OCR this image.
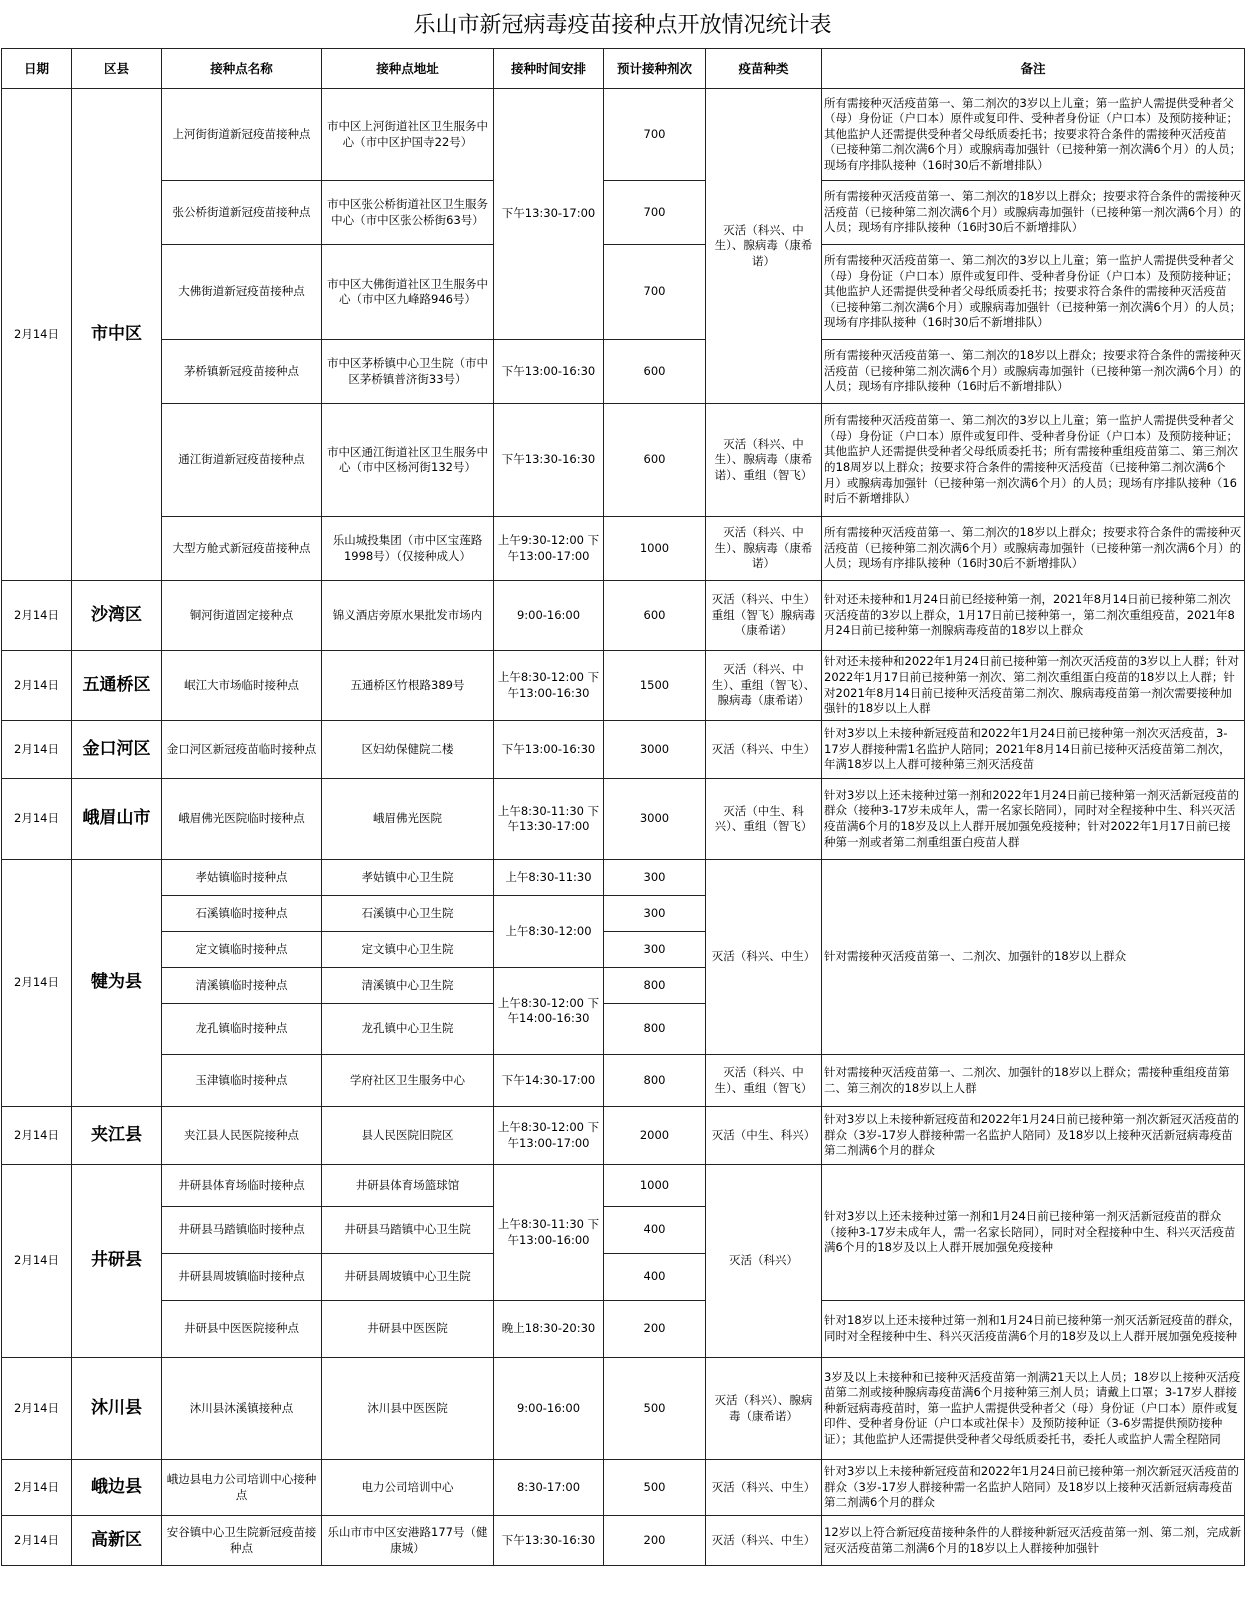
乐山市新冠病毒疫苗接种点开放情况统计表
日期	区县	接种点名称	接种点地址	接种时间安排	预计接种剂次	疫苗种类	备注
2月14日	市中区	上河街街道新冠疫苗接种点	市中区上河街道社区卫生服务中心（市中区护国寺22号）	下午13:30-17:00	700	灭活（科兴、中生）、腺病毒（康希诺）	所有需接种灭活疫苗第一、第二剂次的3岁以上儿童；第一监护人需提供受种者父（母）身份证（户口本）原件或复印件、受种者身份证（户口本）及预防接种证；其他监护人还需提供受种者父母纸质委托书；按要求符合条件的需接种灭活疫苗（已接种第二剂次满6个月）或腺病毒加强针（已接种第一剂次满6个月）的人员；现场有序排队接种（16时30后不新增排队）
		张公桥街道新冠疫苗接种点	市中区张公桥街道社区卫生服务中心（市中区张公桥街63号）		700		所有需接种灭活疫苗第一、第二剂次的18岁以上群众；按要求符合条件的需接种灭活疫苗（已接种第二剂次满6个月）或腺病毒加强针（已接种第一剂次满6个月）的人员；现场有序排队接种（16时30后不新增排队）
		大佛街道新冠疫苗接种点	市中区大佛街道社区卫生服务中心（市中区九峰路946号）		700		所有需接种灭活疫苗第一、第二剂次的3岁以上儿童；第一监护人需提供受种者父（母）身份证（户口本）原件或复印件、受种者身份证（户口本）及预防接种证；其他监护人还需提供受种者父母纸质委托书；按要求符合条件的需接种灭活疫苗（已接种第二剂次满6个月）或腺病毒加强针（已接种第一剂次满6个月）的人员；现场有序排队接种（16时30后不新增排队）
		茅桥镇新冠疫苗接种点	市中区茅桥镇中心卫生院（市中区茅桥镇普济街33号）	下午13:00-16:30	600		所有需接种灭活疫苗第一、第二剂次的18岁以上群众；按要求符合条件的需接种灭活疫苗（已接种第二剂次满6个月）或腺病毒加强针（已接种第一剂次满6个月）的人员；现场有序排队接种（16时后不新增排队）
		通江街道新冠疫苗接种点	市中区通江街道社区卫生服务中心（市中区杨河街132号）	下午13:30-16:30	600	灭活（科兴、中生）、腺病毒（康希诺）、重组（智飞）	所有需接种灭活疫苗第一、第二剂次的3岁以上儿童；第一监护人需提供受种者父（母）身份证（户口本）原件或复印件、受种者身份证（户口本）及预防接种证；其他监护人还需提供受种者父母纸质委托书；所有需接种重组疫苗第二、第三剂次的18周岁以上群众；按要求符合条件的需接种灭活疫苗（已接种第二剂次满6个月）或腺病毒加强针（已接种第一剂次满6个月）的人员；现场有序排队接种（16时后不新增排队）
		大型方舱式新冠疫苗接种点	乐山城投集团（市中区宝莲路1998号）（仅接种成人）	上午9:30-12:00 下午13:00-17:00	1000	灭活（科兴、中生）、腺病毒（康希诺）	所有需接种灭活疫苗第一、第二剂次的18岁以上群众；按要求符合条件的需接种灭活疫苗（已接种第二剂次满6个月）或腺病毒加强针（已接种第一剂次满6个月）的人员；现场有序排队接种（16时30后不新增排队）
2月14日	沙湾区	铜河街道固定接种点	锦义酒店旁原水果批发市场内	9:00-16:00	600	灭活（科兴、中生）重组（智飞）腺病毒（康希诺）	针对还未接种和1月24日前已经接种第一剂，2021年8月14日前已接种第二剂次灭活疫苗的3岁以上群众，1月17日前已接种第一，第二剂次重组疫苗，2021年8月24日前已接种第一剂腺病毒疫苗的18岁以上群众
2月14日	五通桥区	岷江大市场临时接种点	五通桥区竹根路389号	上午8:30-12:00 下午13:00-16:30	1500	灭活（科兴、中生）、重组（智飞）、腺病毒（康希诺）	针对还未接种和2022年1月24日前已接种第一剂次灭活疫苗的3岁以上人群；针对2022年1月17日前已接种第一剂次、第二剂次重组蛋白疫苗的18岁以上人群；针对2021年8月14日前已接种灭活疫苗第二剂次、腺病毒疫苗第一剂次需要接种加强针的18岁以上人群
2月14日	金口河区	金口河区新冠疫苗临时接种点	区妇幼保健院二楼	下午13:00-16:30	3000	灭活（科兴、中生）	针对3岁以上未接种新冠疫苗和2022年1月24日前已接种第一剂次灭活疫苗，3-17岁人群接种需1名监护人陪同；2021年8月14日前已接种灭活疫苗第二剂次，年满18岁以上人群可接种第三剂灭活疫苗
2月14日	峨眉山市	峨眉佛光医院临时接种点	峨眉佛光医院	上午8:30-11:30 下午13:30-17:00	3000	灭活（中生、科兴）、重组（智飞）	针对3岁以上还未接种过第一剂和2022年1月24日前已接种第一剂灭活新冠疫苗的群众（接种3-17岁未成年人，需一名家长陪同），同时对全程接种中生、科兴灭活疫苗满6个月的18岁及以上人群开展加强免疫接种；针对2022年1月17日前已接种第一剂或者第二剂重组蛋白疫苗人群
2月14日	犍为县	孝姑镇临时接种点	孝姑镇中心卫生院	上午8:30-11:30	300	灭活（科兴、中生）	针对需接种灭活疫苗第一、二剂次、加强针的18岁以上群众
		石溪镇临时接种点	石溪镇中心卫生院	上午8:30-12:00	300		
		定文镇临时接种点	定文镇中心卫生院		300		
		清溪镇临时接种点	清溪镇中心卫生院	上午8:30-12:00 下午14:00-16:30	800		
		龙孔镇临时接种点	龙孔镇中心卫生院		800		
		玉津镇临时接种点	学府社区卫生服务中心	下午14:30-17:00	800	灭活（科兴、中生）、重组（智飞）	针对需接种灭活疫苗第一、二剂次、加强针的18岁以上群众；需接种重组疫苗第二、第三剂次的18岁以上人群
2月14日	夹江县	夹江县人民医院接种点	县人民医院旧院区	上午8:30-12:00 下午13:00-17:00	2000	灭活（中生、科兴）	针对3岁以上未接种新冠疫苗和2022年1月24日前已接种第一剂次新冠灭活疫苗的群众（3岁-17岁人群接种需一名监护人陪同）及18岁以上接种灭活新冠病毒疫苗第二剂满6个月的群众
2月14日	井研县	井研县体育场临时接种点	井研县体育场篮球馆	上午8:30-11:30 下午13:00-16:00	1000	灭活（科兴）	针对3岁以上还未接种过第一剂和1月24日前已接种第一剂灭活新冠疫苗的群众（接种3-17岁未成年人，需一名家长陪同），同时对全程接种中生、科兴灭活疫苗满6个月的18岁及以上人群开展加强免疫接种
		井研县马踏镇临时接种点	井研县马踏镇中心卫生院		400		
		井研县周坡镇临时接种点	井研县周坡镇中心卫生院		400		
		井研县中医医院接种点	井研县中医医院	晚上18:30-20:30	200		针对18岁以上还未接种过第一剂和1月24日前已接种第一剂灭活新冠疫苗的群众，同时对全程接种中生、科兴灭活疫苗满6个月的18岁及以上人群开展加强免疫接种
2月14日	沐川县	沐川县沐溪镇接种点	沐川县中医医院	9:00-16:00	500	灭活（科兴）、腺病毒（康希诺）	3岁及以上未接种和已接种灭活疫苗第一剂满21天以上人员；18岁以上接种灭活疫苗第二剂或接种腺病毒疫苗满6个月接种第三剂人员；请戴上口罩；3-17岁人群接种新冠病毒疫苗时，第一监护人需提供受种者父（母）身份证（户口本）原件或复印件、受种者身份证（户口本或社保卡）及预防接种证（3-6岁需提供预防接种证）；其他监护人还需提供受种者父母纸质委托书，委托人或监护人需全程陪同
2月14日	峨边县	峨边县电力公司培训中心接种点	电力公司培训中心	8:30-17:00	500	灭活（科兴、中生）	针对3岁以上未接种新冠疫苗和2022年1月24日前已接种第一剂次新冠灭活疫苗的群众（3岁-17岁人群接种需一名监护人陪同）及18岁以上接种灭活新冠病毒疫苗第二剂满6个月的群众
2月14日	高新区	安谷镇中心卫生院新冠疫苗接种点	乐山市市中区安港路177号（健康城）	下午13:30-16:30	200	灭活（科兴、中生）	12岁以上符合新冠疫苗接种条件的人群接种新冠灭活疫苗第一剂、第二剂，完成新冠灭活疫苗第二剂满6个月的18岁以上人群接种加强针
